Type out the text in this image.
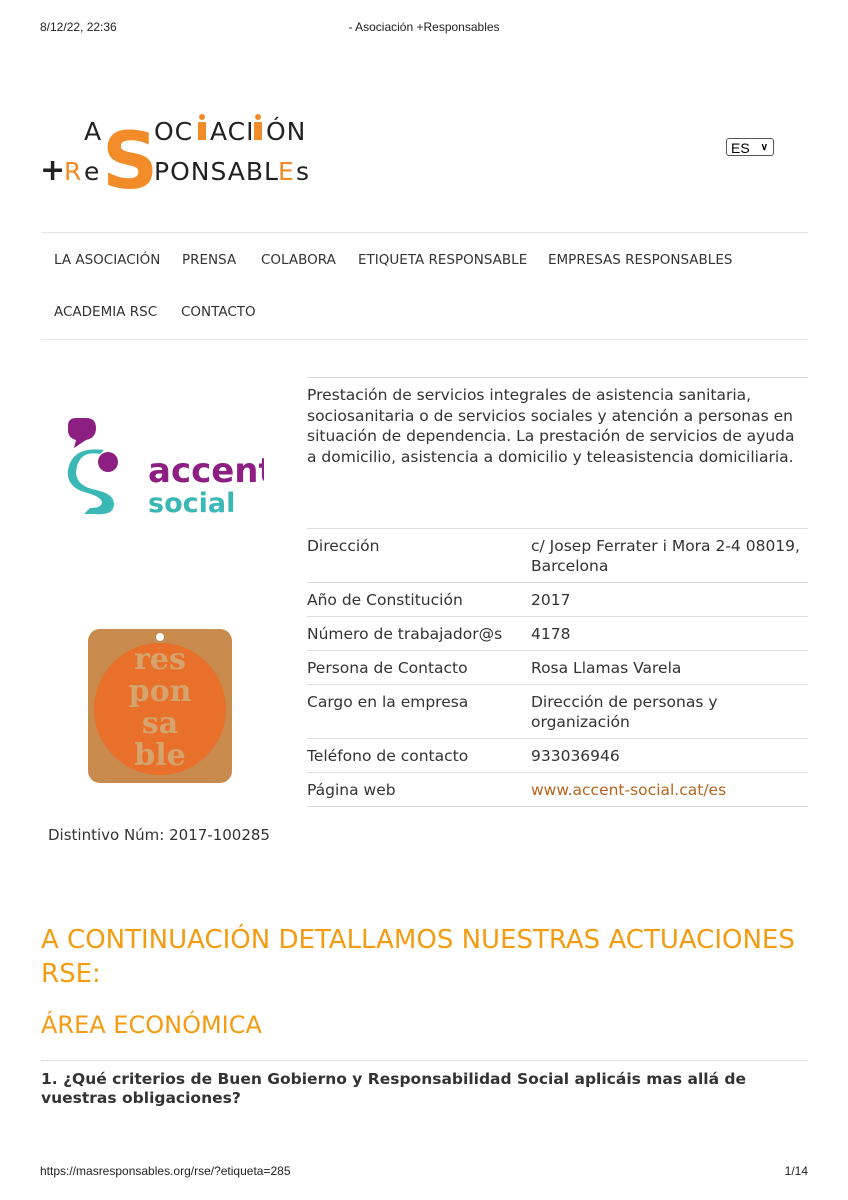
8/12/22, 22:36	- Asociación +Responsables
S
A OC ACI ÓN
+
R e PONSABL E s
ES ∨
LA ASOCIACIÓN PRENSA COLABORA ETIQUETA RESPONSABLE EMPRESAS RESPONSABLES
ACADEMIA RSC CONTACTO
accent
social
res
pon
sa
ble
Distintivo Núm: 2017-100285
Prestación de servicios integrales de asistencia sanitaria, sociosanitaria o de servicios sociales y atención a personas en situación de dependencia. La prestación de servicios de ayuda a domicilio, asistencia a domicilio y teleasistencia domiciliaria.
Dirección	c/ Josep Ferrater i Mora 2-4 08019, Barcelona
Año de Constitución	2017
Número de trabajador@s	4178
Persona de Contacto	Rosa Llamas Varela
Cargo en la empresa	Dirección de personas y organización
Teléfono de contacto	933036946
Página web	www.accent-social.cat/es
A CONTINUACIÓN DETALLAMOS NUESTRAS ACTUACIONES RSE:
ÁREA ECONÓMICA
1. ¿Qué criterios de Buen Gobierno y Responsabilidad Social aplicáis mas allá de vuestras obligaciones?
https://masresponsables.org/rse/?etiqueta=285	1/14
